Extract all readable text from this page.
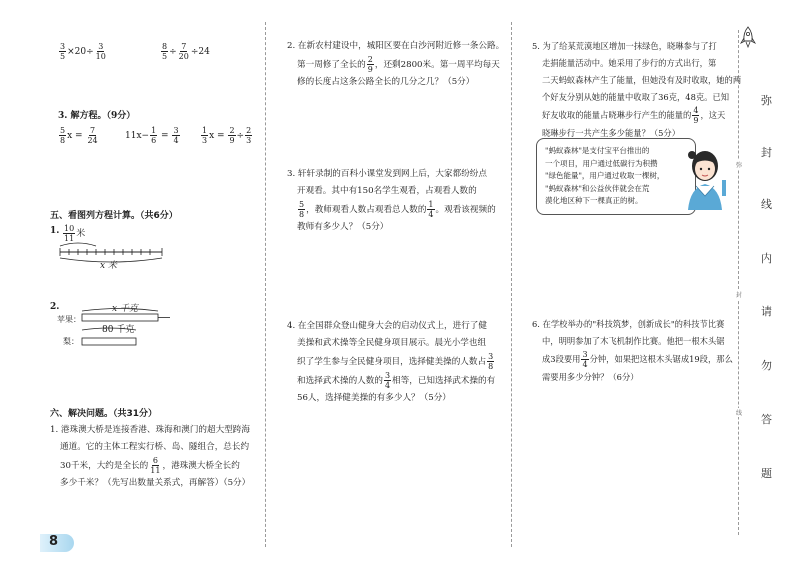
$\frac{3}{5} \times 20\div \frac{3}{10}$	$\frac{8}{5} \div \frac{7}{20} \div 24$
3. 解方程。（9分）
$\frac{5}{8}$ $x = \frac{7}{24}$	$11x- \frac{1}{6} = \frac{3}{4}$	$\frac{1}{3}$ $x = \frac{2}{9} \div \frac{2}{3}$
五、看图列方程计算。（共6分）
1. $\frac{10}{11}$ 米
x 米
2.	x 千克
苹果：
80 千克
梨：
六、解决问题。（共31分）
1. 港珠澳大桥是连接香港、珠海和澳门的超大型跨海
通道。它的主体工程实行桥、岛、隧组合，总长约
30千米，大约是全长的 $\frac{6}{11}$ ，港珠澳大桥全长约
多少千米？（先写出数量关系式，再解答）（5分）
8
2. 在新农村建设中，城阳区要在白沙河附近修一条公路。
第一周修了全长的 $\frac{2}{9}$ ，还剩2800米。第一周平均每天
修的长度占这条公路全长的几分之几？（5分）
3. 轩轩录制的百科小课堂发到网上后，大家都纷纷点
开观看。其中有150名学生观看，占观看人数的
$\frac{5}{8}$ ，教师观看人数占观看总人数的 $\frac{1}{4}$ 。观看该视频的
教师有多少人？（5分）
4. 在全国群众登山健身大会的启动仪式上，进行了健
美操和武术操等全民健身项目展示。晨光小学也组
织了学生参与全民健身项目，选择健美操的人数占 $\frac{3}{8}$
和选择武术操的人数的 $\frac{3}{4}$ 相等，已知选择武术操的有
56人，选择健美操的有多少人？（5分）
5. 为了给某荒漠地区增加一抹绿色，晓琳参与了打
走捐能量活动中。她采用了步行的方式出行，第
二天蚂蚁森林产生了能量，但她没有及时收取，她的两
个好友分别从她的能量中收取了36克，48克。已知
好友收取的能量占晓琳步行产生的能量的 $\frac{4}{9}$ ，这天
晓琳步行一共产生多少能量？（5分）
"蚂蚁森林"是支付宝平台推出的
一个项目，用户通过低碳行为积攒
"绿色能量"，用户通过收取一棵树，
"蚂蚁森林"和公益伙伴就会在荒
漠化地区种下一棵真正的树。
6. 在学校举办的"科技筑梦，创新成长"的科技节比赛
中，明明参加了木飞机制作比赛。他把一根木头锯
成3段要用 $\frac{3}{4}$ 分钟，如果把这根木头锯成19段，那么
需要用多少分钟？（6分）
弥
封
线
内
请
勿
答
题
弥
封
线
